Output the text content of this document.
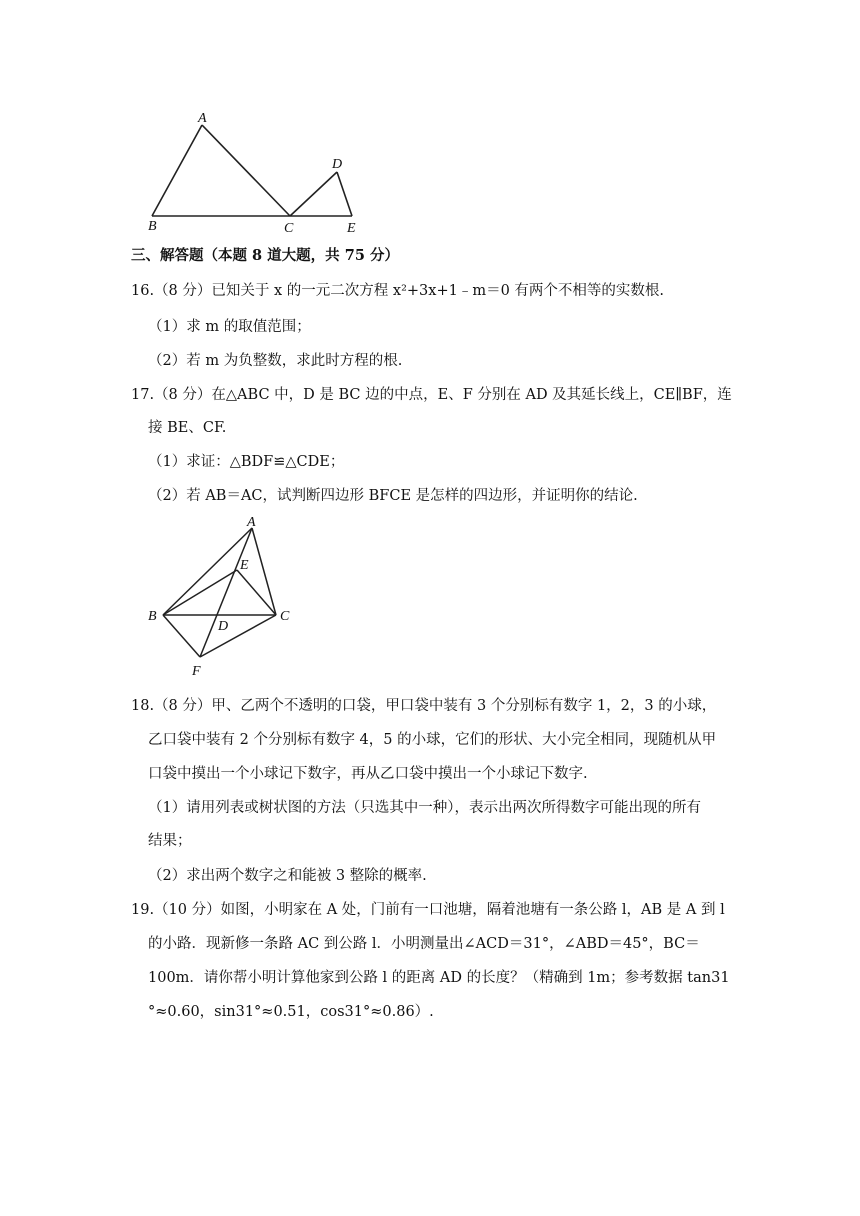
A
B	C
D
E
三、解答题（本题 8 道大题，共 75 分）
16.（8 分）已知关于 x 的一元二次方程 x²+3x+1﹣m＝0 有两个不相等的实数根.
（1）求 m 的取值范围；
（2）若 m 为负整数，求此时方程的根.
17.（8 分）在△ABC 中，D 是 BC 边的中点，E、F 分别在 AD 及其延长线上，CE∥BF，连
接 BE、CF.
（1）求证：△BDF≌△CDE；
（2）若 AB＝AC，试判断四边形 BFCE 是怎样的四边形，并证明你的结论.
A
B	C
D
E
F
18.（8 分）甲、乙两个不透明的口袋，甲口袋中装有 3 个分别标有数字 1，2，3 的小球，
乙口袋中装有 2 个分别标有数字 4，5 的小球，它们的形状、大小完全相同，现随机从甲
口袋中摸出一个小球记下数字，再从乙口袋中摸出一个小球记下数字.
（1）请用列表或树状图的方法（只选其中一种），表示出两次所得数字可能出现的所有
结果；
（2）求出两个数字之和能被 3 整除的概率.
19.（10 分）如图，小明家在 A 处，门前有一口池塘，隔着池塘有一条公路 l，AB 是 A 到 l
的小路．现新修一条路 AC 到公路 l．小明测量出∠ACD＝31°，∠ABD＝45°，BC＝
100m．请你帮小明计算他家到公路 l 的距离 AD 的长度？（精确到 1m；参考数据 tan31
°≈0.60，sin31°≈0.51，cos31°≈0.86）.
